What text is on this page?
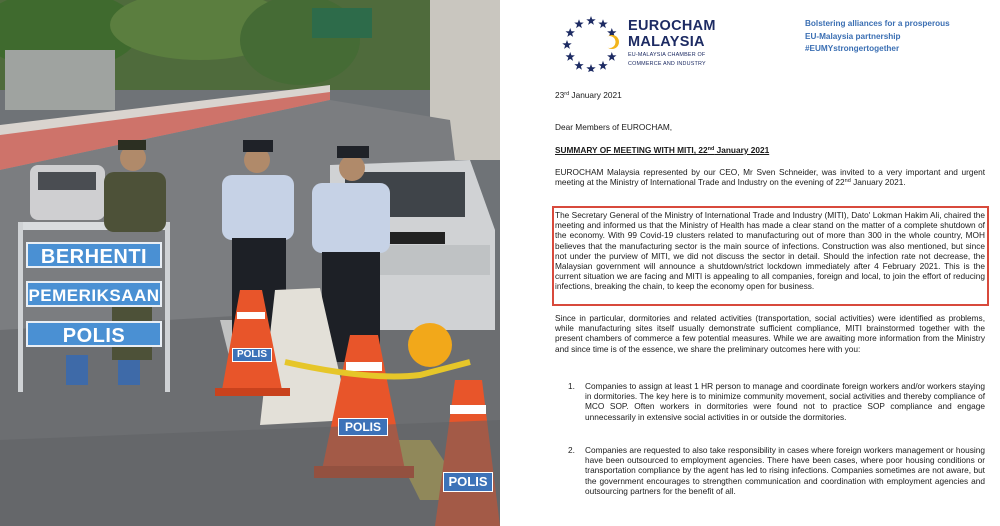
BERHENTI
PEMERIKSAAN
POLIS
POLIS
POLIS
POLIS
EUROCHAM
MALAYSIA
EU-MALAYSIA CHAMBER OF
COMMERCE AND INDUSTRY
Bolstering alliances for a prosperous
EU-Malaysia partnership
#EUMYstrongertogether
23rd January 2021
Dear Members of EUROCHAM,
SUMMARY OF MEETING WITH MITI, 22nd January 2021
EUROCHAM Malaysia represented by our CEO, Mr Sven Schneider, was invited to a very important and urgent meeting at the Ministry of International Trade and Industry on the evening of 22nd January 2021.
The Secretary General of the Ministry of International Trade and Industry (MITI), Dato' Lokman Hakim Ali, chaired the meeting and informed us that the Ministry of Health has made a clear stand on the matter of a complete shutdown of the economy. With 99 Covid-19 clusters related to manufacturing out of more than 300 in the whole country, MOH believes that the manufacturing sector is the main source of infections. Construction was also mentioned, but since not under the purview of MITI, we did not discuss the sector in detail. Should the infection rate not decrease, the Malaysian government will announce a shutdown/strict lockdown immediately after 4 February 2021. This is the current situation we are facing and MITI is appealing to all companies, foreign and local, to join the effort of reducing infections, breaking the chain, to keep the economy open for business.
Since in particular, dormitories and related activities (transportation, social activities) were identified as problems, while manufacturing sites itself usually demonstrate sufficient compliance, MITI brainstormed together with the present chambers of commerce a few potential measures. While we are awaiting more information from the Ministry and since time is of the essence, we share the preliminary outcomes here with you:
1.	Companies to assign at least 1 HR person to manage and coordinate foreign workers and/or workers staying in dormitories. The key here is to minimize community movement, social activities and thereby compliance of MCO SOP. Often workers in dormitories were found not to practice SOP compliance and engage unnecessarily in extensive social activities in or outside the dormitories.
2.	Companies are requested to also take responsibility in cases where foreign workers management or housing have been outsourced to employment agencies. There have been cases, where poor housing conditions or transportation compliance by the agent has led to rising infections. Companies sometimes are not aware, but the government encourages to strengthen communication and coordination with employment agencies and outsourcing partners for the benefit of all.
